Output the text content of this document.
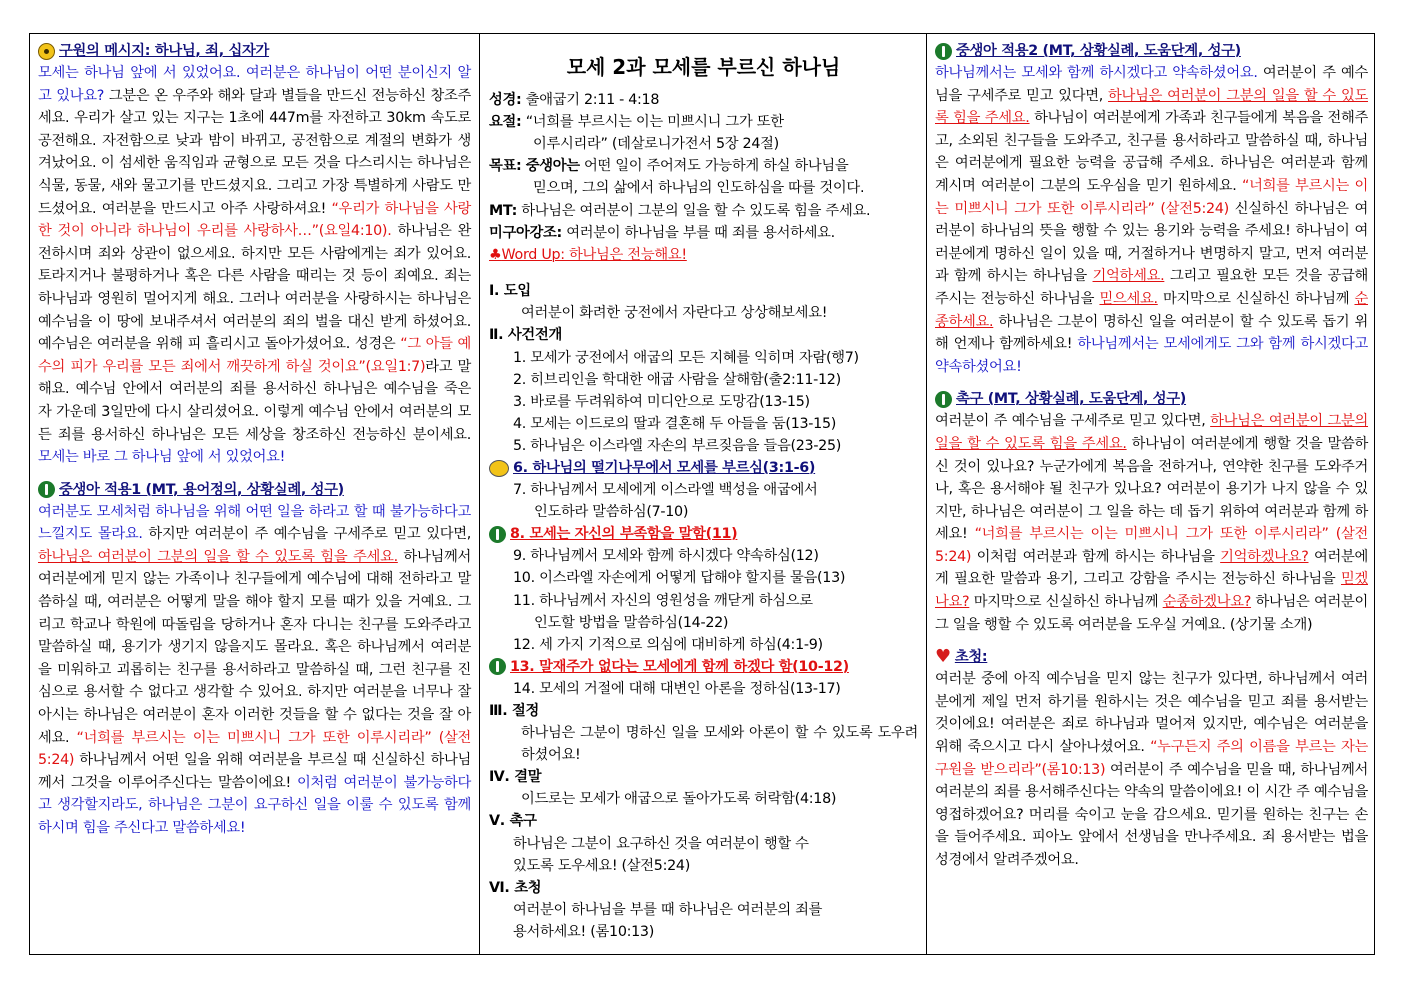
구원의 메시지: 하나님, 죄, 십자가
모세는 하나님 앞에 서 있었어요. 여러분은 하나님이 어떤 분이신지 알고 있나요? 그분은 온 우주와 해와 달과 별들을 만드신 전능하신 창조주세요. 우리가 살고 있는 지구는 1초에 447m를 자전하고 30km 속도로 공전해요. 자전함으로 낮과 밤이 바뀌고, 공전함으로 계절의 변화가 생겨났어요. 이 섬세한 움직임과 균형으로 모든 것을 다스리시는 하나님은 식물, 동물, 새와 물고기를 만드셨지요. 그리고 가장 특별하게 사람도 만드셨어요. 여러분을 만드시고 아주 사랑하셔요! “우리가 하나님을 사랑한 것이 아니라 하나님이 우리를 사랑하사…”(요일4:10). 하나님은 완전하시며 죄와 상관이 없으세요. 하지만 모든 사람에게는 죄가 있어요. 토라지거나 불평하거나 혹은 다른 사람을 때리는 것 등이 죄예요. 죄는 하나님과 영원히 멀어지게 해요. 그러나 여러분을 사랑하시는 하나님은 예수님을 이 땅에 보내주셔서 여러분의 죄의 벌을 대신 받게 하셨어요. 예수님은 여러분을 위해 피 흘리시고 돌아가셨어요. 성경은 “그 아들 예수의 피가 우리를 모든 죄에서 깨끗하게 하실 것이요”(요일1:7)라고 말해요. 예수님 안에서 여러분의 죄를 용서하신 하나님은 예수님을 죽은 자 가운데 3일만에 다시 살리셨어요. 이렇게 예수님 안에서 여러분의 모든 죄를 용서하신 하나님은 모든 세상을 창조하신 전능하신 분이세요. 모세는 바로 그 하나님 앞에 서 있었어요!
중생아 적용1 (MT, 용어정의, 상황실례, 성구)
여러분도 모세처럼 하나님을 위해 어떤 일을 하라고 할 때 불가능하다고 느낄지도 몰라요. 하지만 여러분이 주 예수님을 구세주로 믿고 있다면, 하나님은 여러분이 그분의 일을 할 수 있도록 힘을 주세요. 하나님께서 여러분에게 믿지 않는 가족이나 친구들에게 예수님에 대해 전하라고 말씀하실 때, 여러분은 어떻게 말을 해야 할지 모를 때가 있을 거예요. 그리고 학교나 학원에 따돌림을 당하거나 혼자 다니는 친구를 도와주라고 말씀하실 때, 용기가 생기지 않을지도 몰라요. 혹은 하나님께서 여러분을 미워하고 괴롭히는 친구를 용서하라고 말씀하실 때, 그런 친구를 진심으로 용서할 수 없다고 생각할 수 있어요. 하지만 여러분을 너무나 잘 아시는 하나님은 여러분이 혼자 이러한 것들을 할 수 없다는 것을 잘 아세요. “너희를 부르시는 이는 미쁘시니 그가 또한 이루시리라” (살전5:24) 하나님께서 어떤 일을 위해 여러분을 부르실 때 신실하신 하나님께서 그것을 이루어주신다는 말씀이에요! 이처럼 여러분이 불가능하다고 생각할지라도, 하나님은 그분이 요구하신 일을 이룰 수 있도록 함께 하시며 힘을 주신다고 말씀하세요!
모세 2과 모세를 부르신 하나님
성경: 출애굽기 2:11 - 4:18
요절: “너희를 부르시는 이는 미쁘시니 그가 또한
이루시리라” (데살로니가전서 5장 24절)
목표: 중생아는 어떤 일이 주어져도 가능하게 하실 하나님을
믿으며, 그의 삶에서 하나님의 인도하심을 따를 것이다.
MT: 하나님은 여러분이 그분의 일을 할 수 있도록 힘을 주세요.
미구아강조: 여러분이 하나님을 부를 때 죄를 용서하세요.
♣Word Up: 하나님은 전능해요!
Ⅰ. 도입
여러분이 화려한 궁전에서 자란다고 상상해보세요!
Ⅱ. 사건전개
1. 모세가 궁전에서 애굽의 모든 지혜를 익히며 자람(행7)
2. 히브리인을 학대한 애굽 사람을 살해함(출2:11-12)
3. 바로를 두려워하여 미디안으로 도망감(13-15)
4. 모세는 이드로의 딸과 결혼해 두 아들을 둠(13-15)
5. 하나님은 이스라엘 자손의 부르짖음을 들음(23-25)
6. 하나님의 떨기나무에서 모세를 부르심(3:1-6)
7. 하나님께서 모세에게 이스라엘 백성을 애굽에서
인도하라 말씀하심(7-10)
8. 모세는 자신의 부족함을 말함(11)
9. 하나님께서 모세와 함께 하시겠다 약속하심(12)
10. 이스라엘 자손에게 어떻게 답해야 할지를 물음(13)
11. 하나님께서 자신의 영원성을 깨닫게 하심으로
인도할 방법을 말씀하심(14-22)
12. 세 가지 기적으로 의심에 대비하게 하심(4:1-9)
13. 말재주가 없다는 모세에게 함께 하겠다 함(10-12)
14. 모세의 거절에 대해 대변인 아론을 정하심(13-17)
Ⅲ. 절정
하나님은 그분이 명하신 일을 모세와 아론이 할 수 있도록 도우려 하셨어요!
Ⅳ. 결말
이드로는 모세가 애굽으로 돌아가도록 허락함(4:18)
Ⅴ. 촉구
하나님은 그분이 요구하신 것을 여러분이 행할 수
있도록 도우세요! (살전5:24)
Ⅵ. 초청
여러분이 하나님을 부를 때 하나님은 여러분의 죄를
용서하세요! (롬10:13)
중생아 적용2 (MT, 상황실례, 도움단계, 성구)
하나님께서는 모세와 함께 하시겠다고 약속하셨어요. 여러분이 주 예수님을 구세주로 믿고 있다면, 하나님은 여러분이 그분의 일을 할 수 있도록 힘을 주세요. 하나님이 여러분에게 가족과 친구들에게 복음을 전해주고, 소외된 친구들을 도와주고, 친구를 용서하라고 말씀하실 때, 하나님은 여러분에게 필요한 능력을 공급해 주세요. 하나님은 여러분과 함께 계시며 여러분이 그분의 도우심을 믿기 원하세요. “너희를 부르시는 이는 미쁘시니 그가 또한 이루시리라” (살전5:24) 신실하신 하나님은 여러분이 하나님의 뜻을 행할 수 있는 용기와 능력을 주세요! 하나님이 여러분에게 명하신 일이 있을 때, 거절하거나 변명하지 말고, 먼저 여러분과 함께 하시는 하나님을 기억하세요. 그리고 필요한 모든 것을 공급해 주시는 전능하신 하나님을 믿으세요. 마지막으로 신실하신 하나님께 순종하세요. 하나님은 그분이 명하신 일을 여러분이 할 수 있도록 돕기 위해 언제나 함께하세요! 하나님께서는 모세에게도 그와 함께 하시겠다고 약속하셨어요!
촉구 (MT, 상황실례, 도움단계, 성구)
여러분이 주 예수님을 구세주로 믿고 있다면, 하나님은 여러분이 그분의 일을 할 수 있도록 힘을 주세요. 하나님이 여러분에게 행할 것을 말씀하신 것이 있나요? 누군가에게 복음을 전하거나, 연약한 친구를 도와주거나, 혹은 용서해야 될 친구가 있나요? 여러분이 용기가 나지 않을 수 있지만, 하나님은 여러분이 그 일을 하는 데 돕기 위하여 여러분과 함께 하세요! “너희를 부르시는 이는 미쁘시니 그가 또한 이루시리라” (살전5:24) 이처럼 여러분과 함께 하시는 하나님을 기억하겠나요? 여러분에게 필요한 말씀과 용기, 그리고 강함을 주시는 전능하신 하나님을 믿겠나요? 마지막으로 신실하신 하나님께 순종하겠나요? 하나님은 여러분이 그 일을 행할 수 있도록 여러분을 도우실 거예요. (상기물 소개)
♥ 초청:
여러분 중에 아직 예수님을 믿지 않는 친구가 있다면, 하나님께서 여러분에게 제일 먼저 하기를 원하시는 것은 예수님을 믿고 죄를 용서받는 것이에요! 여러분은 죄로 하나님과 멀어져 있지만, 예수님은 여러분을 위해 죽으시고 다시 살아나셨어요. “누구든지 주의 이름을 부르는 자는 구원을 받으리라”(롬10:13) 여러분이 주 예수님을 믿을 때, 하나님께서 여러분의 죄를 용서해주신다는 약속의 말씀이에요! 이 시간 주 예수님을 영접하겠어요? 머리를 숙이고 눈을 감으세요. 믿기를 원하는 친구는 손을 들어주세요. 피아노 앞에서 선생님을 만나주세요. 죄 용서받는 법을 성경에서 알려주겠어요.
